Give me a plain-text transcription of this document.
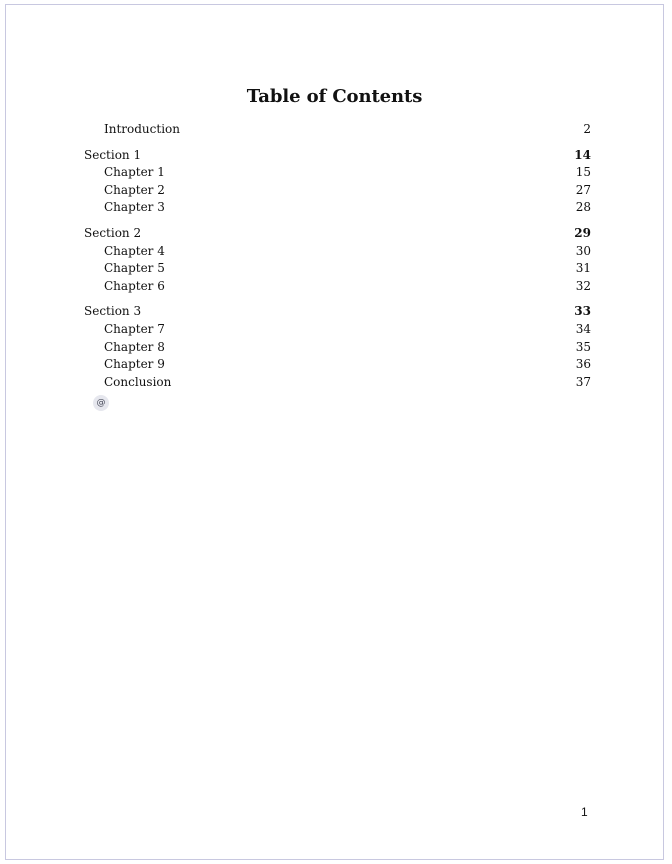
Table of Contents
Introduction	2
Section 1	14
Chapter 1	15
Chapter 2	27
Chapter 3	28
Section 2	29
Chapter 4	30
Chapter 5	31
Chapter 6	32
Section 3	33
Chapter 7	34
Chapter 8	35
Chapter 9	36
Conclusion	37
@
1
